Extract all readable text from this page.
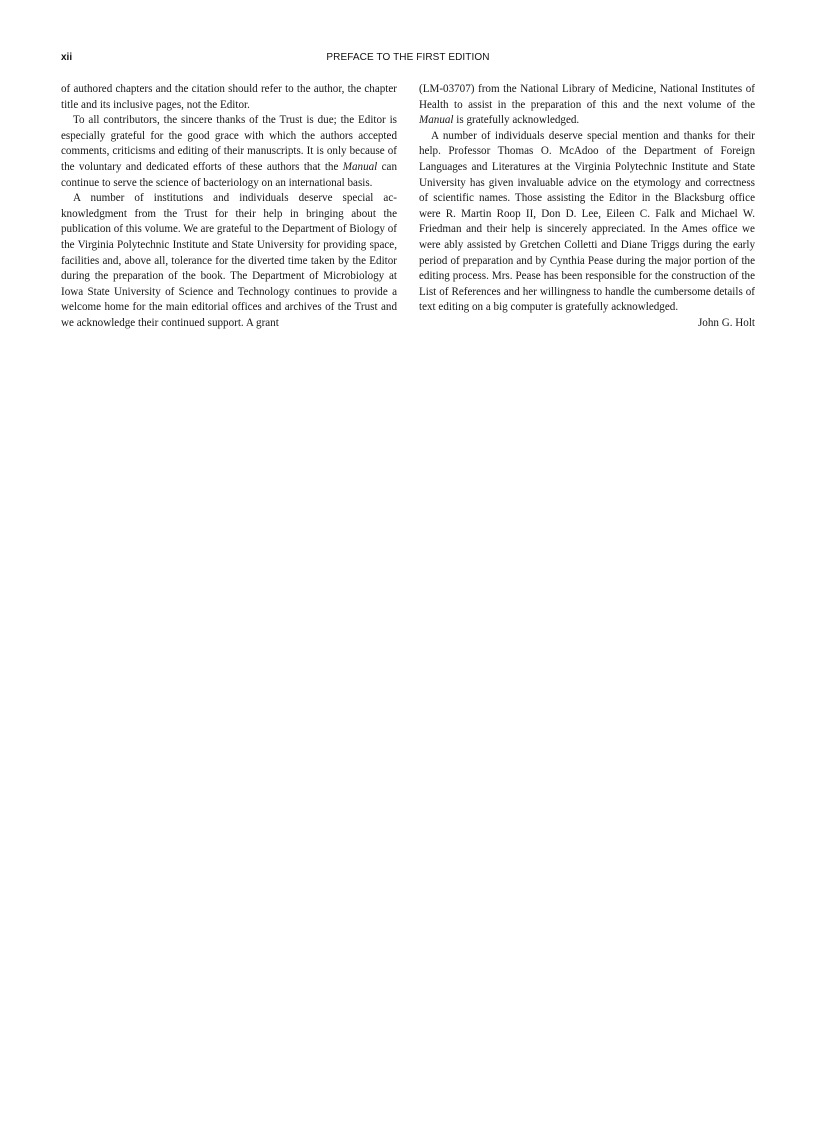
xii	PREFACE TO THE FIRST EDITION

of authored chapters and the citation should refer to the author, the chapter title and its inclusive pages, not the Editor.

To all contributors, the sincere thanks of the Trust is due; the Editor is especially grateful for the good grace with which the authors accepted comments, criticisms and editing of their manuscripts. It is only because of the voluntary and dedicated efforts of these authors that the Manual can continue to serve the science of bacteriology on an international basis.

A number of institutions and individuals deserve special acknowledgment from the Trust for their help in bringing about the publication of this volume. We are grateful to the Department of Biology of the Virginia Polytechnic Institute and State University for providing space, facilities and, above all, tolerance for the diverted time taken by the Editor during the preparation of the book. The Department of Microbiology at Iowa State University of Science and Technology continues to provide a welcome home for the main editorial offices and archives of the Trust and we acknowledge their continued support. A grant

(LM-03707) from the National Library of Medicine, National Institutes of Health to assist in the preparation of this and the next volume of the Manual is gratefully acknowledged.

A number of individuals deserve special mention and thanks for their help. Professor Thomas O. McAdoo of the Department of Foreign Languages and Literatures at the Virginia Polytechnic Institute and State University has given invaluable advice on the etymology and correctness of scientific names. Those assisting the Editor in the Blacksburg office were R. Martin Roop II, Don D. Lee, Eileen C. Falk and Michael W. Friedman and their help is sincerely appreciated. In the Ames office we were ably assisted by Gretchen Colletti and Diane Triggs during the early period of preparation and by Cynthia Pease during the major portion of the editing process. Mrs. Pease has been responsible for the construction of the List of References and her willingness to handle the cumbersome details of text editing on a big computer is gratefully acknowledged.

John G. Holt
